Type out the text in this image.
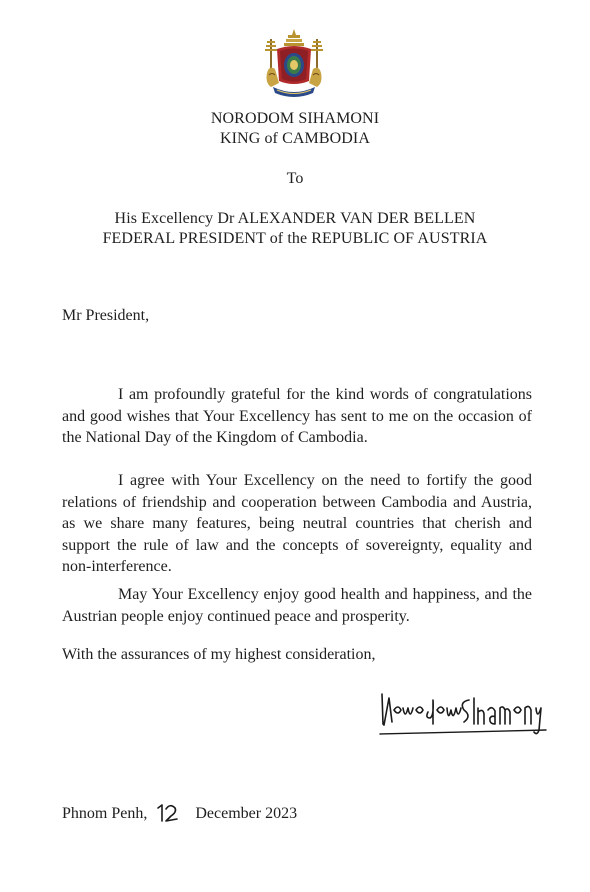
NORODOM SIHAMONI
KING of CAMBODIA
To
His Excellency Dr ALEXANDER VAN DER BELLEN
FEDERAL PRESIDENT of the REPUBLIC OF AUSTRIA
Mr President,

I am profoundly grateful for the kind words of congratulations and good wishes that Your Excellency has sent to me on the occasion of the National Day of the Kingdom of Cambodia.

I agree with Your Excellency on the need to fortify the good relations of friendship and cooperation between Cambodia and Austria, as we share many features, being neutral countries that cherish and support the rule of law and the concepts of sovereignty, equality and non-interference.

May Your Excellency enjoy good health and happiness, and the Austrian people enjoy continued peace and prosperity.

With the assurances of my highest consideration,
Phnom Penh,	December 2023
